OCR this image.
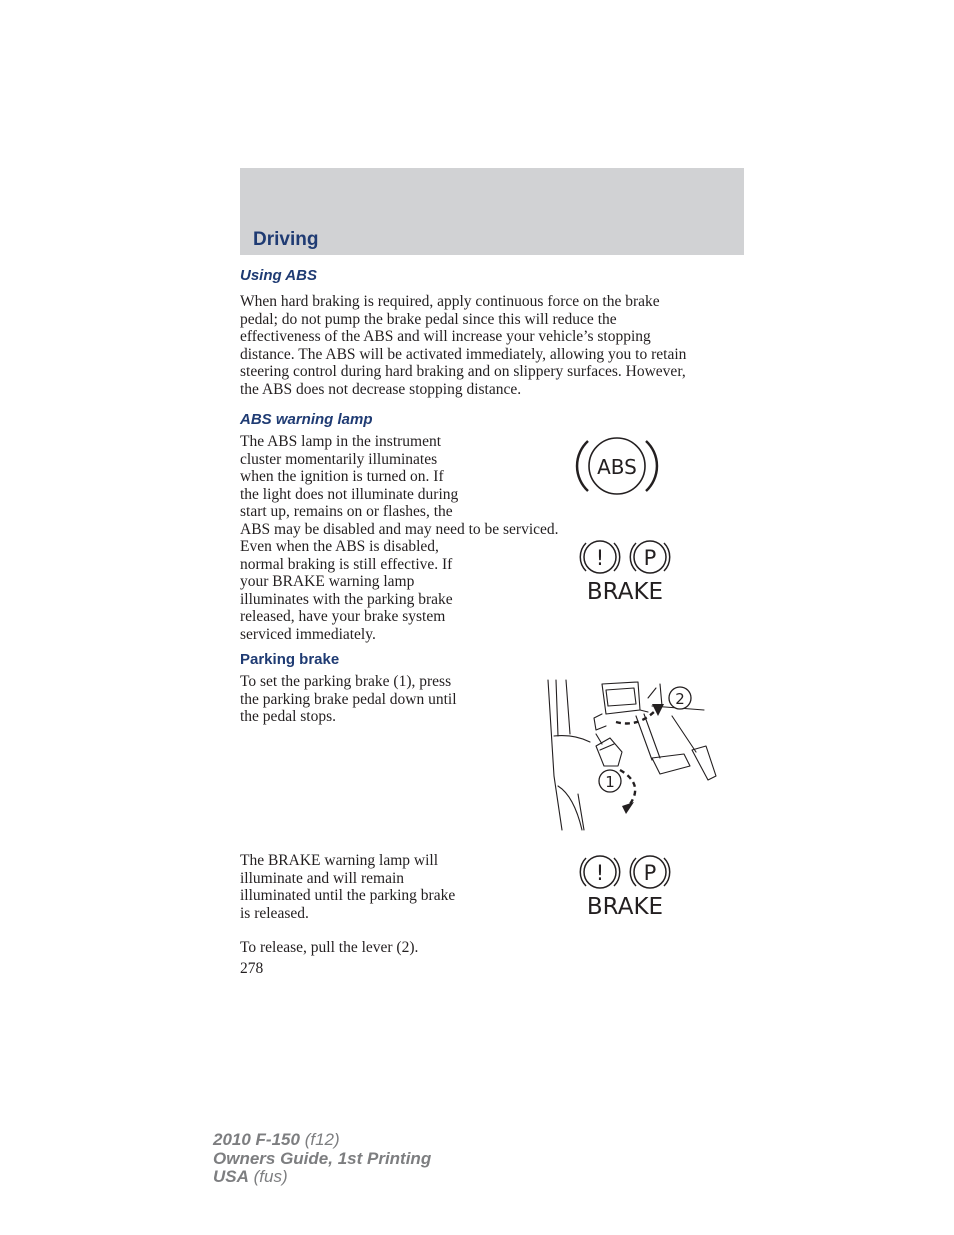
Driving
Using ABS

When hard braking is required, apply continuous force on the brake
pedal; do not pump the brake pedal since this will reduce the
effectiveness of the ABS and will increase your vehicle’s stopping
distance. The ABS will be activated immediately, allowing you to retain
steering control during hard braking and on slippery surfaces. However,
the ABS does not decrease stopping distance.

ABS warning lamp

The ABS lamp in the instrument
cluster momentarily illuminates
when the ignition is turned on. If
the light does not illuminate during
start up, remains on or flashes, the
ABS may be disabled and may need to be serviced.

ABS

Even when the ABS is disabled,
normal braking is still effective. If
your BRAKE warning lamp
illuminates with the parking brake
released, have your brake system
serviced immediately.

! P
BRAKE
Parking brake

To set the parking brake (1), press
the parking brake pedal down until
the pedal stops.

2
1

The BRAKE warning lamp will
illuminate and will remain
illuminated until the parking brake
is released.

! P
BRAKE

To release, pull the lever (2).

278

2010 F-150 (f12)
Owners Guide, 1st Printing
USA (fus)
